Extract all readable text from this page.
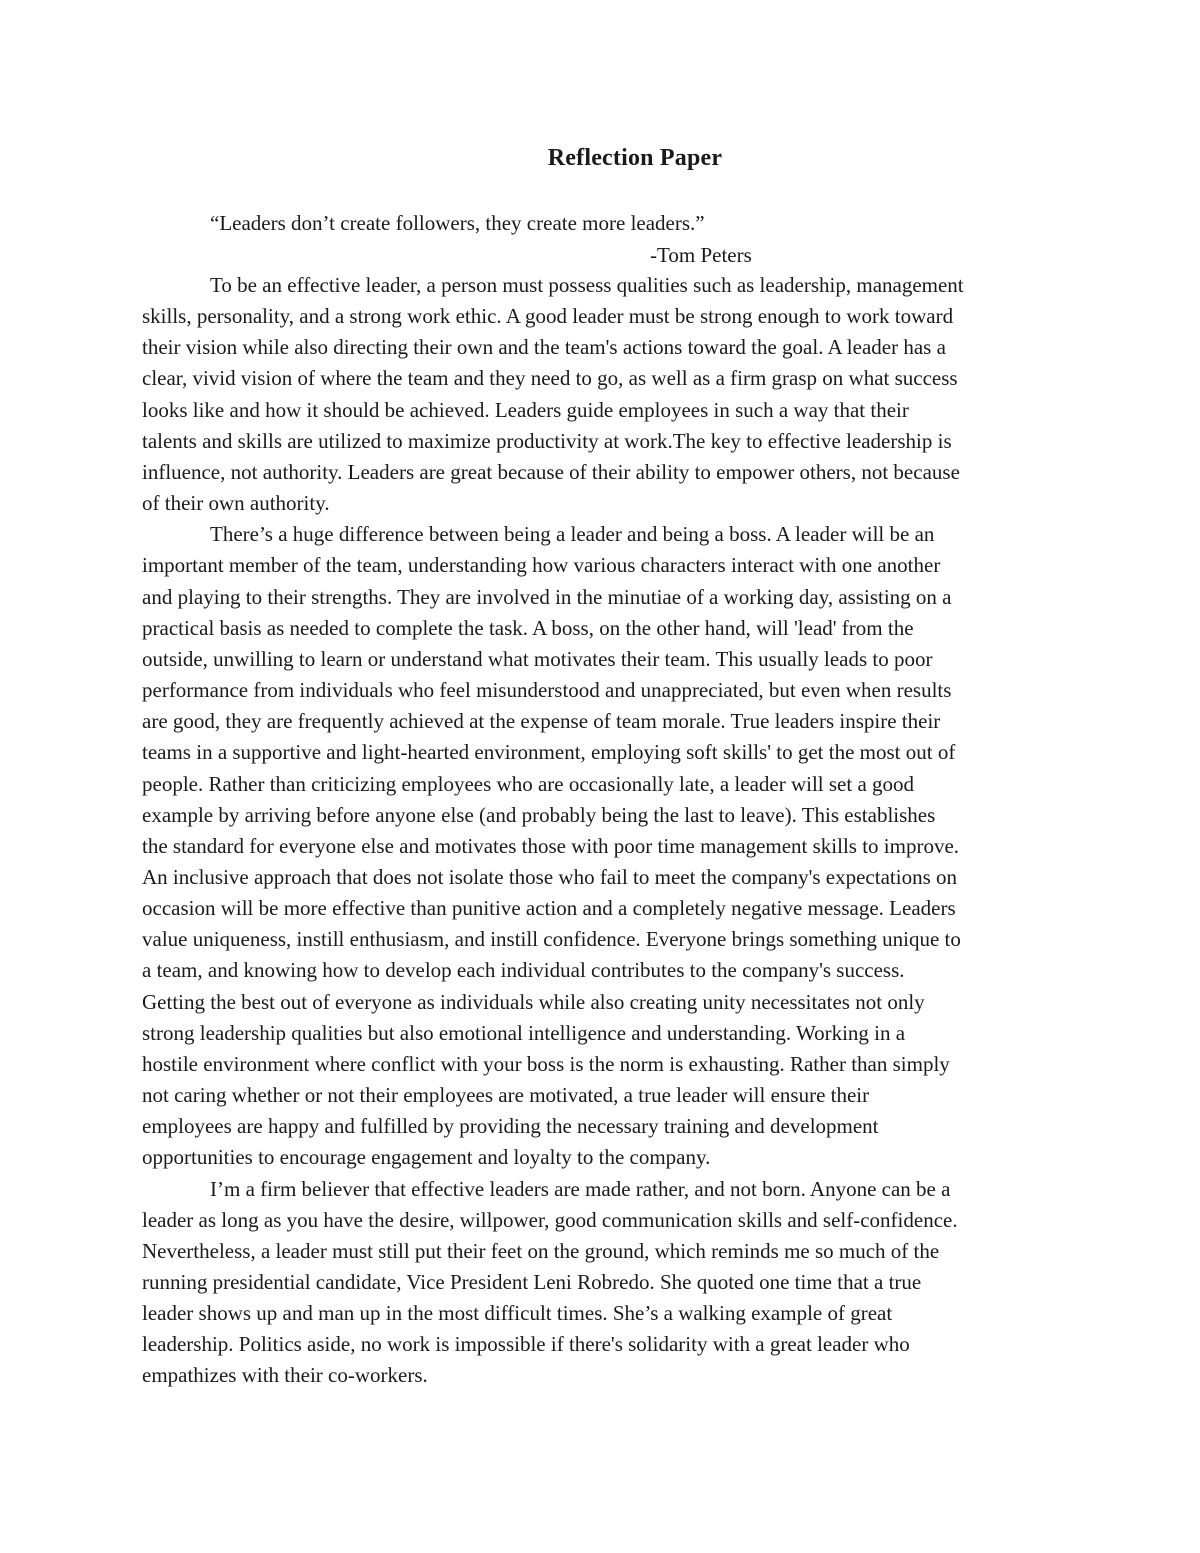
Reflection Paper
“Leaders don’t create followers, they create more leaders.”
-Tom Peters
To be an effective leader, a person must possess qualities such as leadership, management
skills, personality, and a strong work ethic. A good leader must be strong enough to work toward
their vision while also directing their own and the team's actions toward the goal. A leader has a
clear, vivid vision of where the team and they need to go, as well as a firm grasp on what success
looks like and how it should be achieved. Leaders guide employees in such a way that their
talents and skills are utilized to maximize productivity at work.The key to effective leadership is
influence, not authority. Leaders are great because of their ability to empower others, not because
of their own authority.
There’s a huge difference between being a leader and being a boss. A leader will be an
important member of the team, understanding how various characters interact with one another
and playing to their strengths. They are involved in the minutiae of a working day, assisting on a
practical basis as needed to complete the task. A boss, on the other hand, will 'lead' from the
outside, unwilling to learn or understand what motivates their team. This usually leads to poor
performance from individuals who feel misunderstood and unappreciated, but even when results
are good, they are frequently achieved at the expense of team morale. True leaders inspire their
teams in a supportive and light-hearted environment, employing soft skills' to get the most out of
people. Rather than criticizing employees who are occasionally late, a leader will set a good
example by arriving before anyone else (and probably being the last to leave). This establishes
the standard for everyone else and motivates those with poor time management skills to improve.
An inclusive approach that does not isolate those who fail to meet the company's expectations on
occasion will be more effective than punitive action and a completely negative message. Leaders
value uniqueness, instill enthusiasm, and instill confidence. Everyone brings something unique to
a team, and knowing how to develop each individual contributes to the company's success.
Getting the best out of everyone as individuals while also creating unity necessitates not only
strong leadership qualities but also emotional intelligence and understanding. Working in a
hostile environment where conflict with your boss is the norm is exhausting. Rather than simply
not caring whether or not their employees are motivated, a true leader will ensure their
employees are happy and fulfilled by providing the necessary training and development
opportunities to encourage engagement and loyalty to the company.
I’m a firm believer that effective leaders are made rather, and not born. Anyone can be a
leader as long as you have the desire, willpower, good communication skills and self-confidence.
Nevertheless, a leader must still put their feet on the ground, which reminds me so much of the
running presidential candidate, Vice President Leni Robredo. She quoted one time that a true
leader shows up and man up in the most difficult times. She’s a walking example of great
leadership. Politics aside, no work is impossible if there's solidarity with a great leader who
empathizes with their co-workers.
